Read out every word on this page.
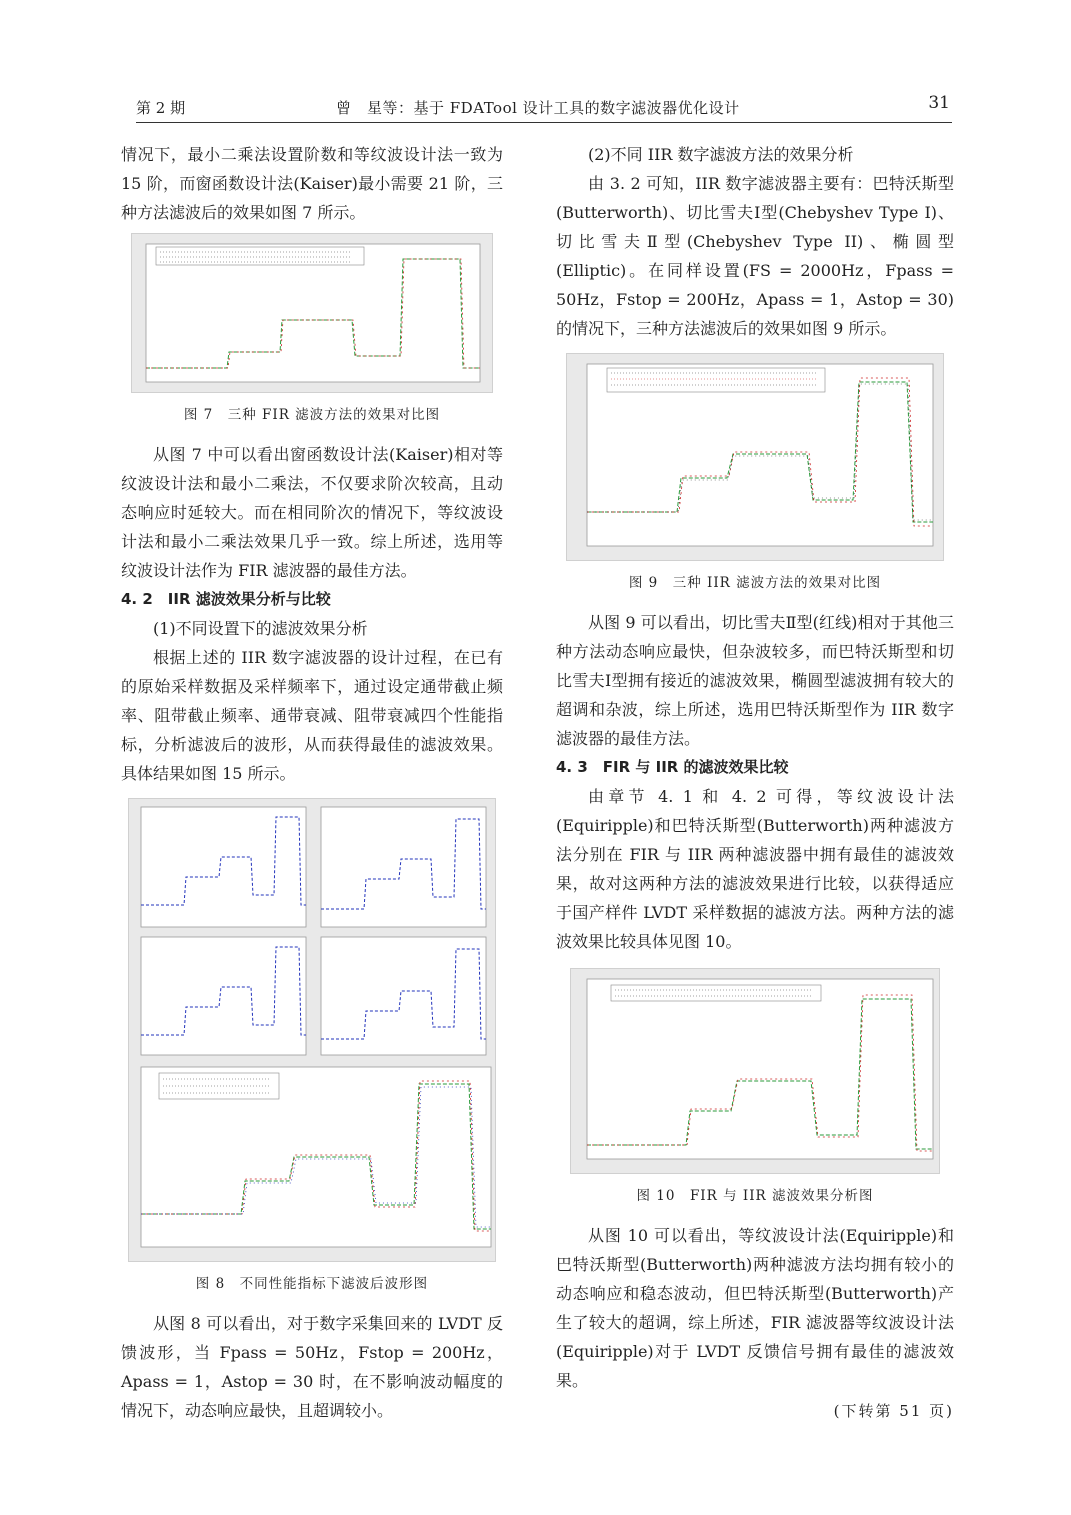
第 2 期	曾　星等：基于 FDATool 设计工具的数字滤波器优化设计	31

情况下，最小二乘法设置阶数和等纹波设计法一致为 15 阶，而窗函数设计法(Kaiser)最小需要 21 阶，三种方法滤波后的效果如图 7 所示。

图 7　三种 FIR 滤波方法的效果对比图

从图 7 中可以看出窗函数设计法(Kaiser)相对等纹波设计法和最小二乘法，不仅要求阶次较高，且动态响应时延较大。而在相同阶次的情况下，等纹波设计法和最小二乘法效果几乎一致。综上所述，选用等纹波设计法作为 FIR 滤波器的最佳方法。

4. 2　IIR 滤波效果分析与比较

(1)不同设置下的滤波效果分析

根据上述的 IIR 数字滤波器的设计过程，在已有的原始采样数据及采样频率下，通过设定通带截止频率、阻带截止频率、通带衰减、阻带衰减四个性能指标，分析滤波后的波形，从而获得最佳的滤波效果。具体结果如图 15 所示。

图 8　不同性能指标下滤波后波形图

从图 8 可以看出，对于数字采集回来的 LVDT 反馈波形，当 Fpass = 50Hz，Fstop = 200Hz，Apass = 1，Astop = 30 时，在不影响波动幅度的情况下，动态响应最快，且超调较小。

(2)不同 IIR 数字滤波方法的效果分析

由 3. 2 可知，IIR 数字滤波器主要有：巴特沃斯型(Butterworth)、切比雪夫Ⅰ型(Chebyshev Type I)、切比雪夫Ⅱ型(Chebyshev Type II)、椭圆型(Elliptic)。在同样设置(FS = 2000Hz，Fpass = 50Hz，Fstop = 200Hz，Apass = 1，Astop = 30)的情况下，三种方法滤波后的效果如图 9 所示。

图 9　三种 IIR 滤波方法的效果对比图

从图 9 可以看出，切比雪夫Ⅱ型(红线)相对于其他三种方法动态响应最快，但杂波较多，而巴特沃斯型和切比雪夫Ⅰ型拥有接近的滤波效果，椭圆型滤波拥有较大的超调和杂波，综上所述，选用巴特沃斯型作为 IIR 数字滤波器的最佳方法。

4. 3　FIR 与 IIR 的滤波效果比较

由章节 4. 1 和 4. 2 可得，等纹波设计法(Equiripple)和巴特沃斯型(Butterworth)两种滤波方法分别在 FIR 与 IIR 两种滤波器中拥有最佳的滤波效果，故对这两种方法的滤波效果进行比较，以获得适应于国产样件 LVDT 采样数据的滤波方法。两种方法的滤波效果比较具体见图 10。

图 10　FIR 与 IIR 滤波效果分析图

从图 10 可以看出，等纹波设计法(Equiripple)和巴特沃斯型(Butterworth)两种滤波方法均拥有较小的动态响应和稳态波动，但巴特沃斯型(Butterworth)产生了较大的超调，综上所述，FIR 滤波器等纹波设计法(Equiripple)对于 LVDT 反馈信号拥有最佳的滤波效果。

(下转第 51 页)
